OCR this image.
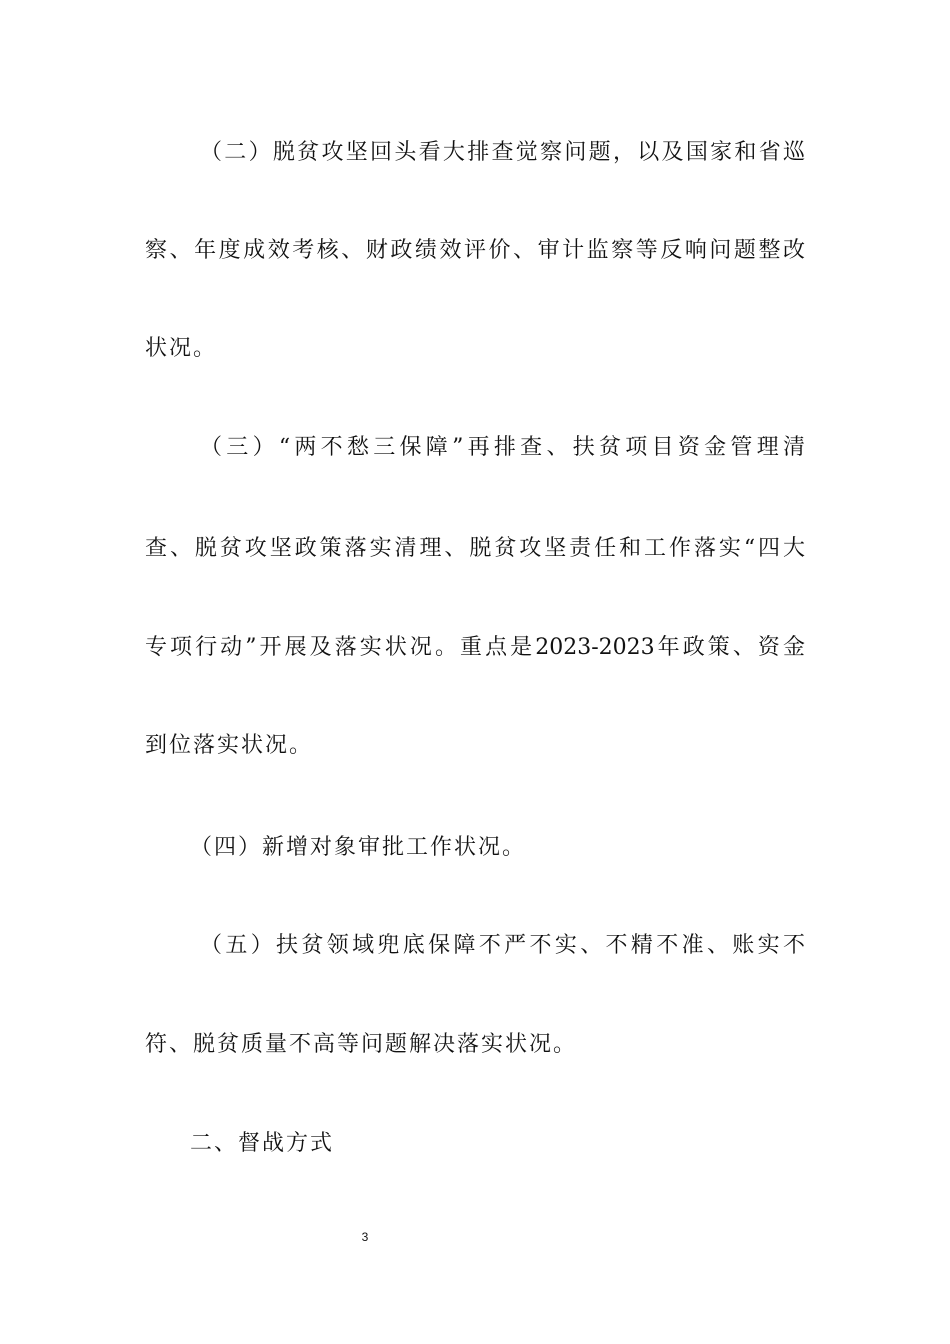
（二）脱贫攻坚回头看大排查觉察问题，以及国家和省巡
察、年度成效考核、财政绩效评价、审计监察等反响问题整改
状况。
（三）“两不愁三保障”再排查、扶贫项目资金管理清
查、脱贫攻坚政策落实清理、脱贫攻坚责任和工作落实“四大
专项行动”开展及落实状况。重点是2023-2023年政策、资金
到位落实状况。
（四）新增对象审批工作状况。
（五）扶贫领域兜底保障不严不实、不精不准、账实不
符、脱贫质量不高等问题解决落实状况。
二、督战方式
3
